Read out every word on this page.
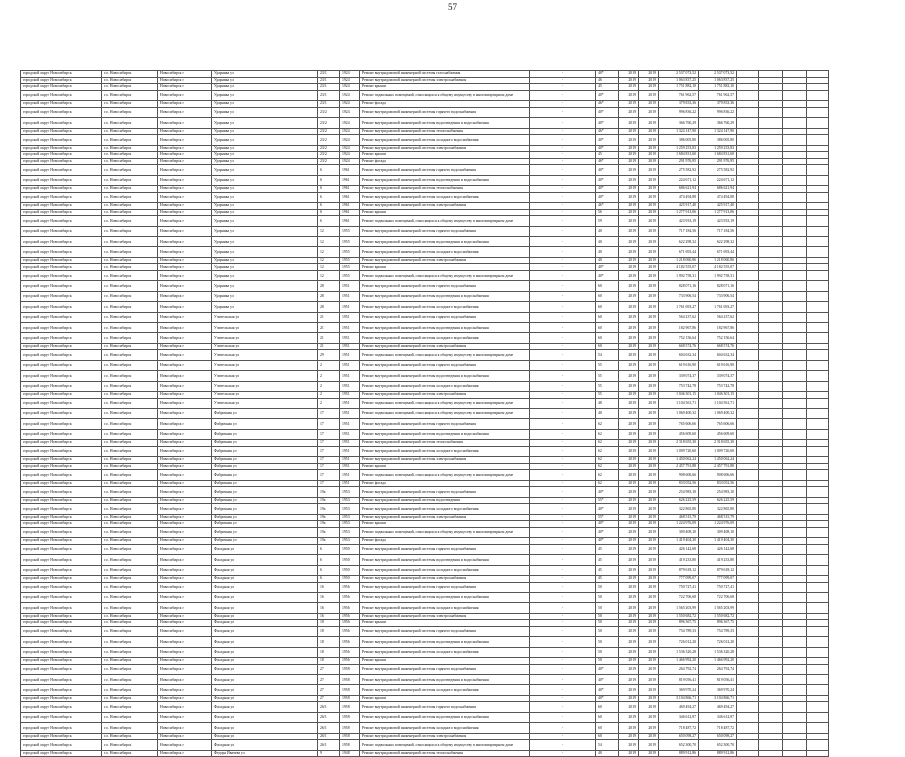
57
городской округ Новосибирск	г.о. Новосибирск	Новосибирск г	Ударника ул	23/1	1924	Ремонт внутридомовой инженерной системы газоснабжения	-	40*	2019	2019	2 537 073,52	2 537 073,52				
городской округ Новосибирск	г.о. Новосибирск	Новосибирск г	Ударника ул	23/1	1924	Ремонт внутридомовой инженерной системы электроснабжения	-	46	2019	2019	1 063 837,25	1 063 837,25				
городской округ Новосибирск	г.о. Новосибирск	Новосибирск г	Ударника ул	23/1	1924	Ремонт крыши	-	45	2019	2019	1 751 882,10	1 751 882,10				
городской округ Новосибирск	г.о. Новосибирск	Новосибирск г	Ударника ул	23/1	1924	Ремонт подвальных помещений, относящихся к общему имуществу в многоквартирном доме	-	40*	2019	2019	761 962,57	761 962,57				
городской округ Новосибирск	г.о. Новосибирск	Новосибирск г	Ударника ул	23/1	1924	Ремонт фасада	-	46*	2019	2019	379 833,36	379 833,36				
городской округ Новосибирск	г.о. Новосибирск	Новосибирск г	Ударника ул	23/2	1924	Ремонт внутридомовой инженерной системы горячего водоснабжения	-	40*	2019	2019	996 836,22	996 836,22				
городской округ Новосибирск	г.о. Новосибирск	Новосибирск г	Ударника ул	23/2	1924	Ремонт внутридомовой инженерной системы водоотведения и водоснабжения	-	40*	2019	2019	366 760,29	366 760,29				
городской округ Новосибирск	г.о. Новосибирск	Новосибирск г	Ударника ул	23/2	1924	Ремонт внутридомовой инженерной системы теплоснабжения	-	46*	2019	2019	1 324 147,90	1 324 147,90				
городской округ Новосибирск	г.о. Новосибирск	Новосибирск г	Ударника ул	23/2	1924	Ремонт внутридомовой инженерной системы холодного водоснабжения	-	40*	2019	2019	386 005,80	386 005,80				
городской округ Новосибирск	г.о. Новосибирск	Новосибирск г	Ударника ул	23/2	1924	Ремонт внутридомовой инженерной системы электроснабжения	-	40*	2019	2019	1 259 253,83	1 259 253,83				
городской округ Новосибирск	г.о. Новосибирск	Новосибирск г	Ударника ул	23/2	1924	Ремонт крыши	-	45	2019	2019	1 684 831,60	1 684 831,60				
городской округ Новосибирск	г.о. Новосибирск	Новосибирск г	Ударника ул	23/2	1924	Ремонт фасада	-	46*	2019	2019	291 976,95	291 976,95				
городской округ Новосибирск	г.о. Новосибирск	Новосибирск г	Ударника ул	6	1961	Ремонт внутридомовой инженерной системы горячего водоснабжения	-	40*	2019	2019	275 582,92	275 582,92				
городской округ Новосибирск	г.о. Новосибирск	Новосибирск г	Ударника ул	6	1961	Ремонт внутридомовой инженерной системы водоотведения и водоснабжения	-	40*	2019	2019	224 671,12	224 671,12				
городской округ Новосибирск	г.о. Новосибирск	Новосибирск г	Ударника ул	6	1961	Ремонт внутридомовой инженерной системы теплоснабжения	-	40*	2019	2019	686 621,94	686 621,94				
городской округ Новосибирск	г.о. Новосибирск	Новосибирск г	Ударника ул	6	1961	Ремонт внутридомовой инженерной системы холодного водоснабжения	-	40*	2019	2019	474 494,88	474 494,88				
городской округ Новосибирск	г.о. Новосибирск	Новосибирск г	Ударника ул	6	1961	Ремонт внутридомовой инженерной системы электроснабжения	-	46*	2019	2019	425 917,40	425 917,40				
городской округ Новосибирск	г.о. Новосибирск	Новосибирск г	Ударника ул	6	1961	Ремонт крыши	-	56	2019	2019	1 277 913,06	1 277 913,06				
городской округ Новосибирск	г.о. Новосибирск	Новосибирск г	Ударника ул	6	1961	Ремонт подвальных помещений, относящихся к общему имуществу в многоквартирном доме	-	59	2019	2019	423 933,19	423 933,19				
городской округ Новосибирск	г.о. Новосибирск	Новосибирск г	Ударника ул	12	1955	Ремонт внутридомовой инженерной системы горячего водоснабжения	-	40	2019	2019	717 184,56	717 184,56				
городской округ Новосибирск	г.о. Новосибирск	Новосибирск г	Ударника ул	12	1955	Ремонт внутридомовой инженерной системы водоотведения и водоснабжения	-	40	2019	2019	622 298,32	622 298,32				
городской округ Новосибирск	г.о. Новосибирск	Новосибирск г	Ударника ул	12	1955	Ремонт внутридомовой инженерной системы холодного водоснабжения	-	40	2019	2019	671 693,44	671 693,44				
городской округ Новосибирск	г.о. Новосибирск	Новосибирск г	Ударника ул	12	1955	Ремонт внутридомовой инженерной системы электроснабжения	-	40	2019	2019	1 218 060,86	1 218 060,86				
городской округ Новосибирск	г.о. Новосибирск	Новосибирск г	Ударника ул	12	1955	Ремонт крыши	-	40*	2019	2019	4 182 555,07	4 182 555,07				
городской округ Новосибирск	г.о. Новосибирск	Новосибирск г	Ударника ул	12	1955	Ремонт подвальных помещений, относящихся к общему имуществу в многоквартирном доме	-	40*	2019	2019	1 992 758,31	1 992 758,31				
городской округ Новосибирск	г.о. Новосибирск	Новосибирск г	Ударника ул	28	1951	Ремонт внутридомовой инженерной системы горячего водоснабжения	-	60	2019	2019	828 071,16	828 071,16				
городской округ Новосибирск	г.о. Новосибирск	Новосибирск г	Ударника ул	28	1951	Ремонт внутридомовой инженерной системы водоотведения и водоснабжения	-	60	2019	2019	733 906,54	733 906,54				
городской округ Новосибирск	г.о. Новосибирск	Новосибирск г	Ударника ул	28	1951	Ремонт внутридомовой инженерной системы холодного водоснабжения	-	60	2019	2019	1 761 693,27	1 761 693,27				
городской округ Новосибирск	г.о. Новосибирск	Новосибирск г	Учительская ул	21	1951	Ремонт внутридомовой инженерной системы горячего водоснабжения	-	60	2019	2019	564 237,62	564 237,62				
городской округ Новосибирск	г.о. Новосибирск	Новосибирск г	Учительская ул	21	1951	Ремонт внутридомовой инженерной системы водоотведения и водоснабжения	-	60	2019	2019	182 967,86	182 967,86				
городской округ Новосибирск	г.о. Новосибирск	Новосибирск г	Учительская ул	21	1951	Ремонт внутридомовой инженерной системы холодного водоснабжения	-	60	2019	2019	752 156,64	752 156,64				
городской округ Новосибирск	г.о. Новосибирск	Новосибирск г	Учительская ул	21	1951	Ремонт внутридомовой инженерной системы электроснабжения	-	60	2019	2019	668 574,76	668 574,76				
городской округ Новосибирск	г.о. Новосибирск	Новосибирск г	Учительская ул	29	1951	Ремонт подвальных помещений, относящихся к общему имуществу в многоквартирном доме	-	54	2019	2019	604 632,34	604 632,34				
городской округ Новосибирск	г.о. Новосибирск	Новосибирск г	Учительская ул	2	1951	Ремонт внутридомовой инженерной системы горячего водоснабжения	-	55	2019	2019	619 616,90	619 616,90				
городской округ Новосибирск	г.о. Новосибирск	Новосибирск г	Учительская ул	2	1951	Ремонт внутридомовой инженерной системы водоотведения и водоснабжения	-	55	2019	2019	339 074,37	339 074,37				
городской округ Новосибирск	г.о. Новосибирск	Новосибирск г	Учительская ул	2	1951	Ремонт внутридомовой инженерной системы холодного водоснабжения	-	55	2019	2019	753 742,78	753 742,78				
городской округ Новосибирск	г.о. Новосибирск	Новосибирск г	Учительская ул	2	1951	Ремонт внутридомовой инженерной системы электроснабжения	-	55	2019	2019	1 046 301,15	1 046 301,15				
городской округ Новосибирск	г.о. Новосибирск	Новосибирск г	Учительская ул	2	1951	Ремонт подвальных помещений, относящихся к общему имуществу в многоквартирном доме	-	48	2019	2019	1 104 561,71	1 104 561,71				
городской округ Новосибирск	г.о. Новосибирск	Новосибирск г	Фабричная ул	17	1951	Ремонт подвальных помещений, относящихся к общему имуществу в многоквартирном доме	-	40	2019	2019	1 069 400,32	1 069 400,32				
городской округ Новосибирск	г.о. Новосибирск	Новосибирск г	Фабричная ул	17	1951	Ремонт внутридомовой инженерной системы горячего водоснабжения	-	62	2019	2019	765 606,66	765 606,66				
городской округ Новосибирск	г.о. Новосибирск	Новосибирск г	Фабричная ул	17	1951	Ремонт внутридомовой инженерной системы водоотведения и водоснабжения	-	62	2019	2019	456 609,60	456 609,60				
городской округ Новосибирск	г.о. Новосибирск	Новосибирск г	Фабричная ул	17	1951	Ремонт внутридомовой инженерной системы теплоснабжения	-	62	2019	2019	2 318 655,30	2 318 655,30				
городской округ Новосибирск	г.о. Новосибирск	Новосибирск г	Фабричная ул	17	1951	Ремонт внутридомовой инженерной системы холодного водоснабжения	-	62	2019	2019	1 009 720,60	1 009 720,60				
городской округ Новосибирск	г.о. Новосибирск	Новосибирск г	Фабричная ул	17	1951	Ремонт внутридомовой инженерной системы электроснабжения	-	62	2019	2019	1 450 062,24	1 450 062,24				
городской округ Новосибирск	г.о. Новосибирск	Новосибирск г	Фабричная ул	17	1951	Ремонт крыши	-	62	2019	2019	2 457 791,88	2 457 791,88				
городской округ Новосибирск	г.о. Новосибирск	Новосибирск г	Фабричная ул	17	1951	Ремонт подвальных помещений, относящихся к общему имуществу в многоквартирном доме	-	62	2019	2019	908 606,66	908 606,66				
городской округ Новосибирск	г.о. Новосибирск	Новосибирск г	Фабричная ул	17	1951	Ремонт фасада	-	62	2019	2019	833 052,56	833 052,56				
городской округ Новосибирск	г.о. Новосибирск	Новосибирск г	Фабричная ул	19а	1953	Ремонт внутридомовой инженерной системы горячего водоснабжения	-	40*	2019	2019	254 983,10	254 983,10				
городской округ Новосибирск	г.о. Новосибирск	Новосибирск г	Фабричная ул	19а	1953	Ремонт внутридомовой инженерной системы водоотведения	-	55*	2019	2019	626 225,59	626 225,59				
городской округ Новосибирск	г.о. Новосибирск	Новосибирск г	Фабричная ул	19а	1953	Ремонт внутридомовой инженерной системы холодного водоснабжения	-	40*	2019	2019	322 865,80	322 865,80				
городской округ Новосибирск	г.о. Новосибирск	Новосибирск г	Фабричная ул	19а	1953	Ремонт внутридомовой инженерной системы электроснабжения	-	55*	2019	2019	468 515,79	468 515,79				
городской округ Новосибирск	г.о. Новосибирск	Новосибирск г	Фабричная ул	19а	1953	Ремонт крыши	-	40*	2019	2019	1 224 976,09	1 224 976,09				
городской округ Новосибирск	г.о. Новосибирск	Новосибирск г	Фабричная ул	19а	1953	Ремонт подвальных помещений, относящихся к общему имуществу в многоквартирном доме	-	40*	2019	2019	309 408,10	309 408,10				
городской округ Новосибирск	г.о. Новосибирск	Новосибирск г	Фабричная ул	19а	1953	Ремонт фасада	-	40*	2019	2019	1 419 404,30	1 419 404,30				
городской округ Новосибирск	г.о. Новосибирск	Новосибирск г	Фасадная ул	6	1950	Ремонт внутридомовой инженерной системы горячего водоснабжения	-	45	2019	2019	426 142,68	426 142,68				
городской округ Новосибирск	г.о. Новосибирск	Новосибирск г	Фасадная ул	6	1950	Ремонт внутридомовой инженерной системы водоотведения и водоснабжения	-	45	2019	2019	419 233,80	419 233,80				
городской округ Новосибирск	г.о. Новосибирск	Новосибирск г	Фасадная ул	6	1950	Ремонт внутридомовой инженерной системы холодного водоснабжения	-	45	2019	2019	879 618,12	879 618,12				
городской округ Новосибирск	г.о. Новосибирск	Новосибирск г	Фасадная ул	6	1950	Ремонт внутридомовой инженерной системы электроснабжения	-	45	2019	2019	777 099,07	777 099,07				
городской округ Новосибирск	г.о. Новосибирск	Новосибирск г	Фасадная ул	16	1956	Ремонт внутридомовой инженерной системы горячего водоснабжения	-	50	2019	2019	750 727,41	750 727,41				
городской округ Новосибирск	г.о. Новосибирск	Новосибирск г	Фасадная ул	16	1956	Ремонт внутридомовой инженерной системы водоотведения и водоснабжения	-	50	2019	2019	722 706,68	722 706,68				
городской округ Новосибирск	г.о. Новосибирск	Новосибирск г	Фасадная ул	16	1956	Ремонт внутридомовой инженерной системы холодного водоснабжения	-	50	2019	2019	1 565 203,99	1 565 203,99				
городской округ Новосибирск	г.о. Новосибирск	Новосибирск г	Фасадная ул	16	1956	Ремонт внутридомовой инженерной системы электроснабжения	-	50	2019	2019	1 550 682,72	1 550 682,72				
городской округ Новосибирск	г.о. Новосибирск	Новосибирск г	Фасадная ул	18	1956	Ремонт крыши	-	50	2019	2019	896 367,75	896 367,75				
городской округ Новосибирск	г.о. Новосибирск	Новосибирск г	Фасадная ул	18	1956	Ремонт внутридомовой инженерной системы горячего водоснабжения	-	50	2019	2019	754 789,33	754 789,33				
городской округ Новосибирск	г.о. Новосибирск	Новосибирск г	Фасадная ул	18	1956	Ремонт внутридомовой инженерной системы водоотведения и водоснабжения	-	50	2019	2019	726 012,20	726 012,20				
городской округ Новосибирск	г.о. Новосибирск	Новосибирск г	Фасадная ул	18	1956	Ремонт внутридомовой инженерной системы холодного водоснабжения	-	50	2019	2019	1 536 320,28	1 536 320,28				
городской округ Новосибирск	г.о. Новосибирск	Новосибирск г	Фасадная ул	18	1956	Ремонт крыши	-	50	2019	2019	1 466 992,20	1 466 992,20				
городской округ Новосибирск	г.о. Новосибирск	Новосибирск г	Фасадная ул	27	1958	Ремонт внутридомовой инженерной системы горячего водоснабжения	-	40*	2019	2019	264 792,74	264 792,74				
городской округ Новосибирск	г.о. Новосибирск	Новосибирск г	Фасадная ул	27	1958	Ремонт внутридомовой инженерной системы водоотведения и водоснабжения	-	40*	2019	2019	819 056,41	819 056,41				
городской округ Новосибирск	г.о. Новосибирск	Новосибирск г	Фасадная ул	27	1958	Ремонт внутридомовой инженерной системы холодного водоснабжения	-	40*	2019	2019	369 970,24	369 970,24				
городской округ Новосибирск	г.о. Новосибирск	Новосибирск г	Фасадная ул	27	1958	Ремонт крыши	-	40*	2019	2019	3 104 866,71	3 104 866,71				
городской округ Новосибирск	г.о. Новосибирск	Новосибирск г	Фасадная ул	26/1	1958	Ремонт внутридомовой инженерной системы горячего водоснабжения	-	60	2019	2019	469 494,27	469 494,27				
городской округ Новосибирск	г.о. Новосибирск	Новосибирск г	Фасадная ул	26/1	1958	Ремонт внутридомовой инженерной системы водоотведения и водоснабжения	-	60	2019	2019	346 612,97	346 612,97				
городской округ Новосибирск	г.о. Новосибирск	Новосибирск г	Фасадная ул	26/1	1958	Ремонт внутридомовой инженерной системы холодного водоснабжения	-	60	2019	2019	718 487,72	718 487,72				
городской округ Новосибирск	г.о. Новосибирск	Новосибирск г	Фасадная ул	26/1	1958	Ремонт внутридомовой инженерной системы электроснабжения	-	60	2019	2019	650 098,27	650 098,27				
городской округ Новосибирск	г.о. Новосибирск	Новосибирск г	Фасадная ул	26/1	1958	Ремонт подвальных помещений, относящихся к общему имуществу в многоквартирном доме	-	54	2019	2019	652 300,70	652 300,70				
городской округ Новосибирск	г.о. Новосибирск	Новосибирск г	Федора Ивачева ул	9	1948	Ремонт внутридомовой инженерной системы теплоснабжения	-	40	2019	2019	889 912,86	889 912,86				
